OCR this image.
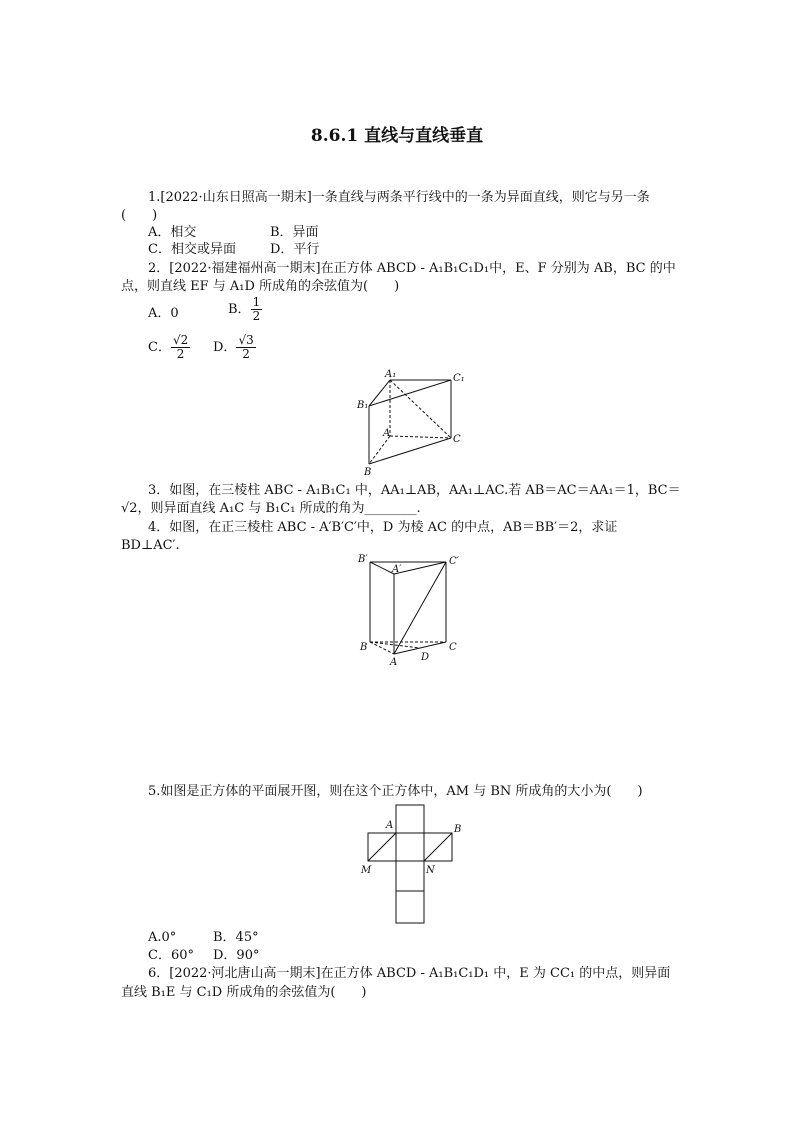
8.6.1 直线与直线垂直
1.[2022·山东日照高一期末]一条直线与两条平行线中的一条为异面直线，则它与另一条
(　　)
A．相交	B．异面
C．相交或异面	D．平行
2．[2022·福建福州高一期末]在正方体 ABCD - A₁B₁C₁D₁中，E、F 分别为 AB，BC 的中
点，则直线 EF 与 A₁D 所成角的余弦值为(　　)
A．0	B． $\frac{1}{2}$
C． $\frac{√2}{2}$ D． $\frac{√3}{2}$
A₁	C₁
B₁
A
C
B
3．如图，在三棱柱 ABC - A₁B₁C₁ 中，AA₁⊥AB，AA₁⊥AC.若 AB＝AC＝AA₁＝1，BC＝
√2，则异面直线 A₁C 与 B₁C₁ 所成的角为________.
4．如图，在正三棱柱 ABC - A′B′C′中，D 为棱 AC 的中点，AB＝BB′＝2，求证
BD⊥AC′.
B′
A′
C′
B
A D
C
5.如图是正方体的平面展开图，则在这个正方体中，AM 与 BN 所成角的大小为(　　)
A	B
M	N
A.0°	B．45°
C．60° D．90°
6．[2022·河北唐山高一期末]在正方体 ABCD - A₁B₁C₁D₁ 中，E 为 CC₁ 的中点，则异面
直线 B₁E 与 C₁D 所成角的余弦值为(　　)
